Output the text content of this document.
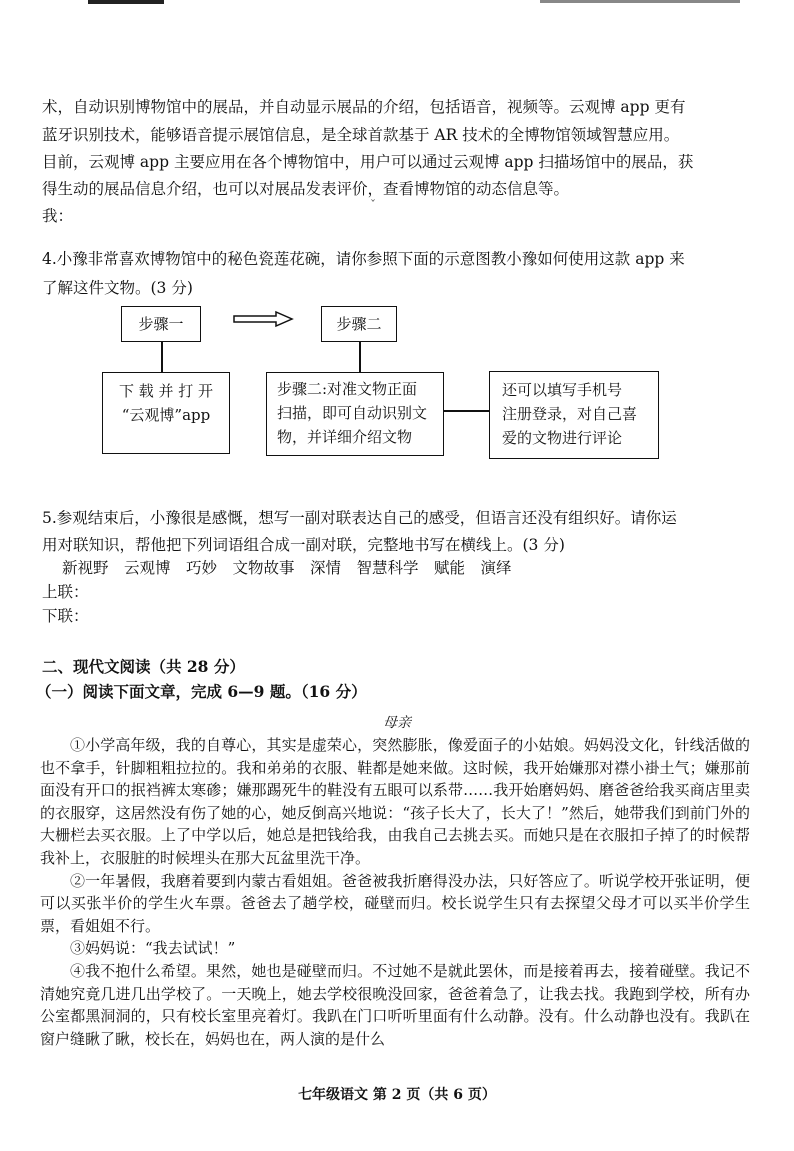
术，自动识别博物馆中的展品，并自动显示展品的介绍，包括语音，视频等。云观博 app 更有
蓝牙识别技术，能够语音提示展馆信息，是全球首款基于 AR 技术的全博物馆领域智慧应用。
目前，云观博 app 主要应用在各个博物馆中，用户可以通过云观博 app 扫描场馆中的展品，获
得生动的展品信息介绍，也可以对展品发表评价，查看博物馆的动态信息等。
我：
ˇ
4.小豫非常喜欢博物馆中的秘色瓷莲花碗，请你参照下面的示意图教小豫如何使用这款 app 来
了解这件文物。(3 分)
步骤一	步骤二
下 载 并 打 开
“云观博”app
步骤二:对准文物正面
扫描，即可自动识别文
物，并详细介绍文物
还可以填写手机号
注册登录，对自己喜
爱的文物进行评论
5.参观结束后，小豫很是感慨，想写一副对联表达自己的感受，但语言还没有组织好。请你运
用对联知识，帮他把下列词语组合成一副对联，完整地书写在横线上。(3 分)
新视野　云观博　巧妙　文物故事　深情　智慧科学　赋能　演绎
上联：
下联：
二、现代文阅读（共 28 分）
（一）阅读下面文章，完成 6—9 题。（16 分）
母亲

①小学高年级，我的自尊心，其实是虚荣心，突然膨胀，像爱面子的小姑娘。妈妈没文化，针线活做的也不拿手，针脚粗粗拉拉的。我和弟弟的衣服、鞋都是她来做。这时候，我开始嫌那对襟小褂土气；嫌那前面没有开口的抿裆裤太寒碜；嫌那踢死牛的鞋没有五眼可以系带……我开始磨妈妈、磨爸爸给我买商店里卖的衣服穿，这居然没有伤了她的心，她反倒高兴地说：“孩子长大了，长大了！”然后，她带我们到前门外的大栅栏去买衣服。上了中学以后，她总是把钱给我，由我自己去挑去买。而她只是在衣服扣子掉了的时候帮我补上，衣服脏的时候埋头在那大瓦盆里洗干净。

②一年暑假，我磨着要到内蒙古看姐姐。爸爸被我折磨得没办法，只好答应了。听说学校开张证明，便可以买张半价的学生火车票。爸爸去了趟学校，碰壁而归。校长说学生只有去探望父母才可以买半价学生票，看姐姐不行。

③妈妈说：“我去试试！”

④我不抱什么希望。果然，她也是碰壁而归。不过她不是就此罢休，而是接着再去，接着碰壁。我记不清她究竟几进几出学校了。一天晚上，她去学校很晚没回家，爸爸着急了，让我去找。我跑到学校，所有办公室都黑洞洞的，只有校长室里亮着灯。我趴在门口听听里面有什么动静。没有。什么动静也没有。我趴在窗户缝瞅了瞅，校长在，妈妈也在，两人演的是什么

七年级语文 第 2 页（共 6 页）
